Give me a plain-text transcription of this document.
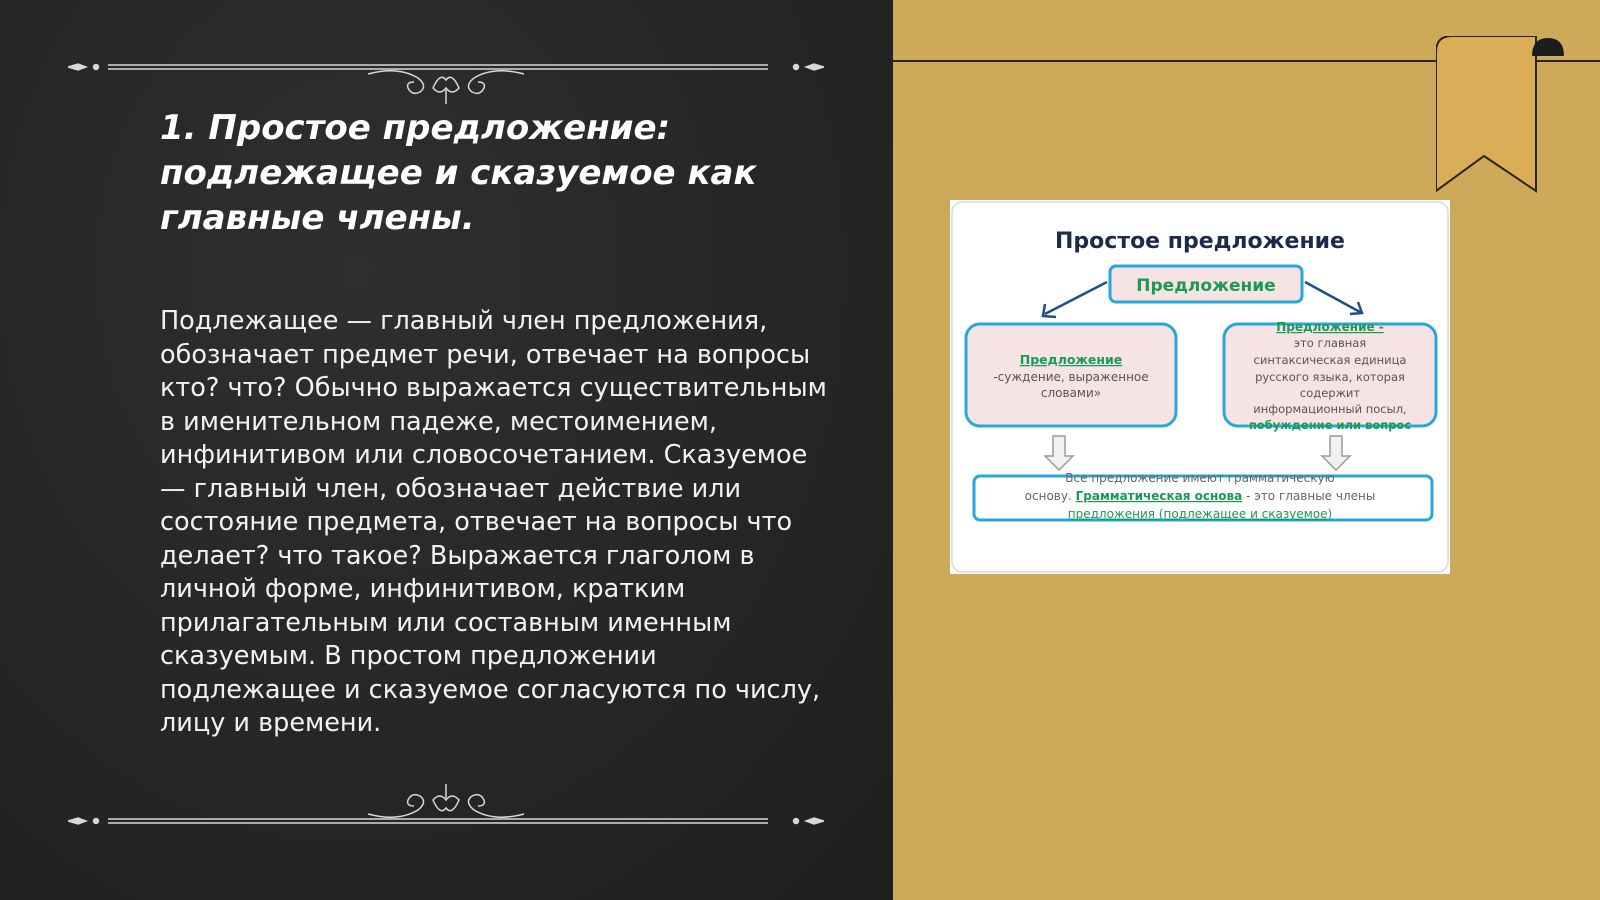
1. Простое предложение: подлежащее и сказуемое как главные члены.

Подлежащее — главный член предложения, обозначает предмет речи, отвечает на вопросы кто? что? Обычно выражается существительным в именительном падеже, местоимением, инфинитивом или словосочетанием. Сказуемое — главный член, обозначает действие или состояние предмета, отвечает на вопросы что делает? что такое? Выражается глаголом в личной форме, инфинитивом, кратким прилагательным или составным именным сказуемым. В простом предложении подлежащее и сказуемое согласуются по числу, лицу и времени.

Простое предложение
Предложение
Предложение
-суждение, выраженное
словами»
Предложение -
это главная
синтаксическая единица
русского языка, которая
содержит
информационный посыл,
побуждение или вопрос
Все предложение имеют грамматическую
основу. Грамматическая основа - это главные члены
предложения (подлежащее и сказуемое)
